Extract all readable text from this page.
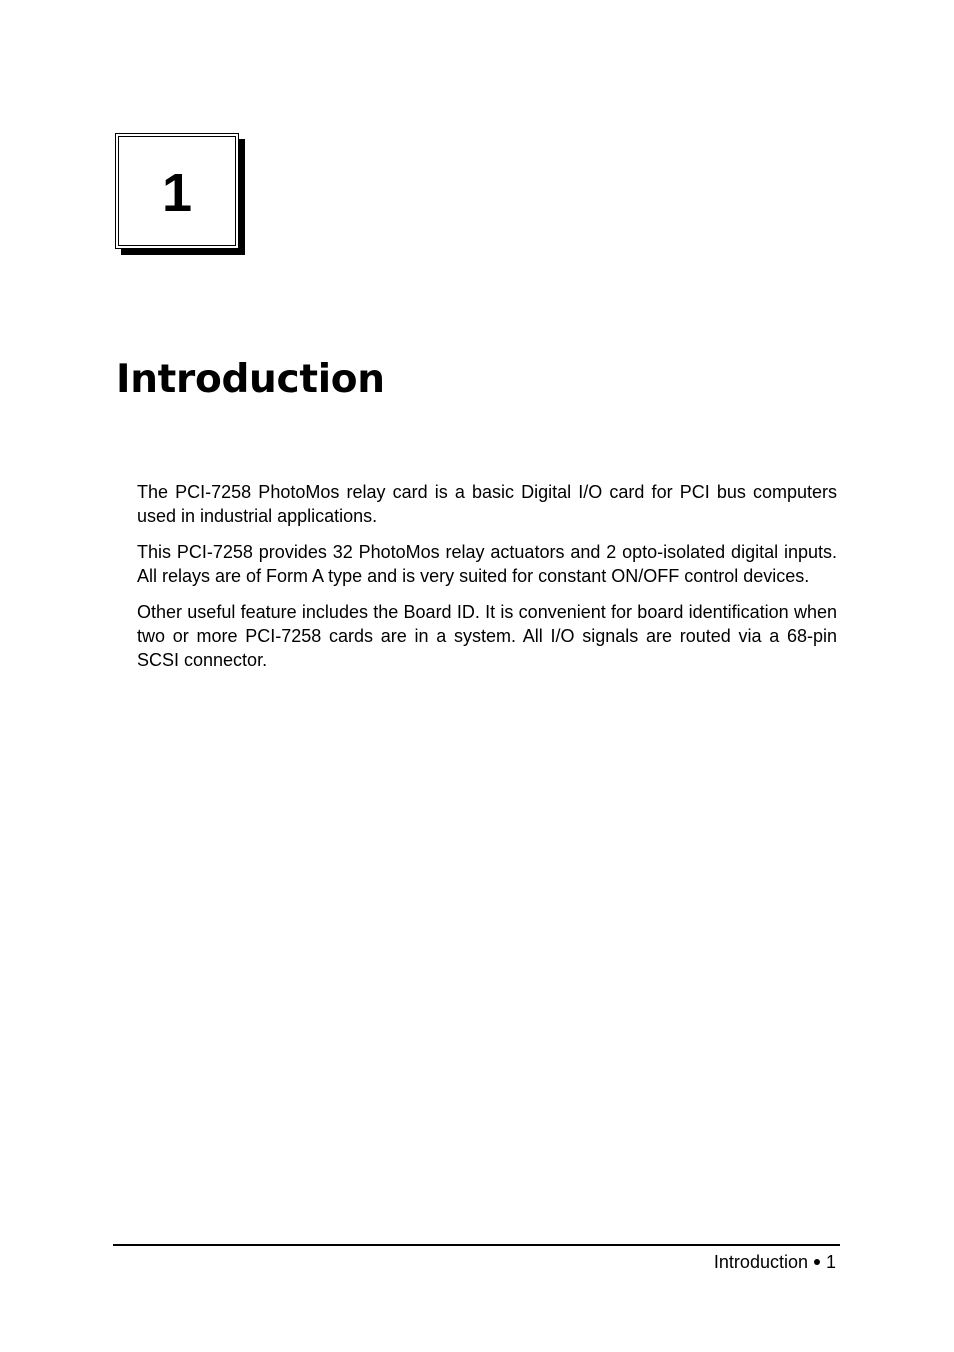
1
Introduction

The PCI-7258 PhotoMos relay card is a basic Digital I/O card for PCI bus computers used in industrial applications.

This PCI-7258 provides 32 PhotoMos relay actuators and 2 opto-isolated digital inputs. All relays are of Form A type and is very suited for constant ON/OFF control devices.

Other useful feature includes the Board ID. It is convenient for board identification when two or more PCI-7258 cards are in a system. All I/O signals are routed via a 68-pin SCSI connector.

Introduction 1
